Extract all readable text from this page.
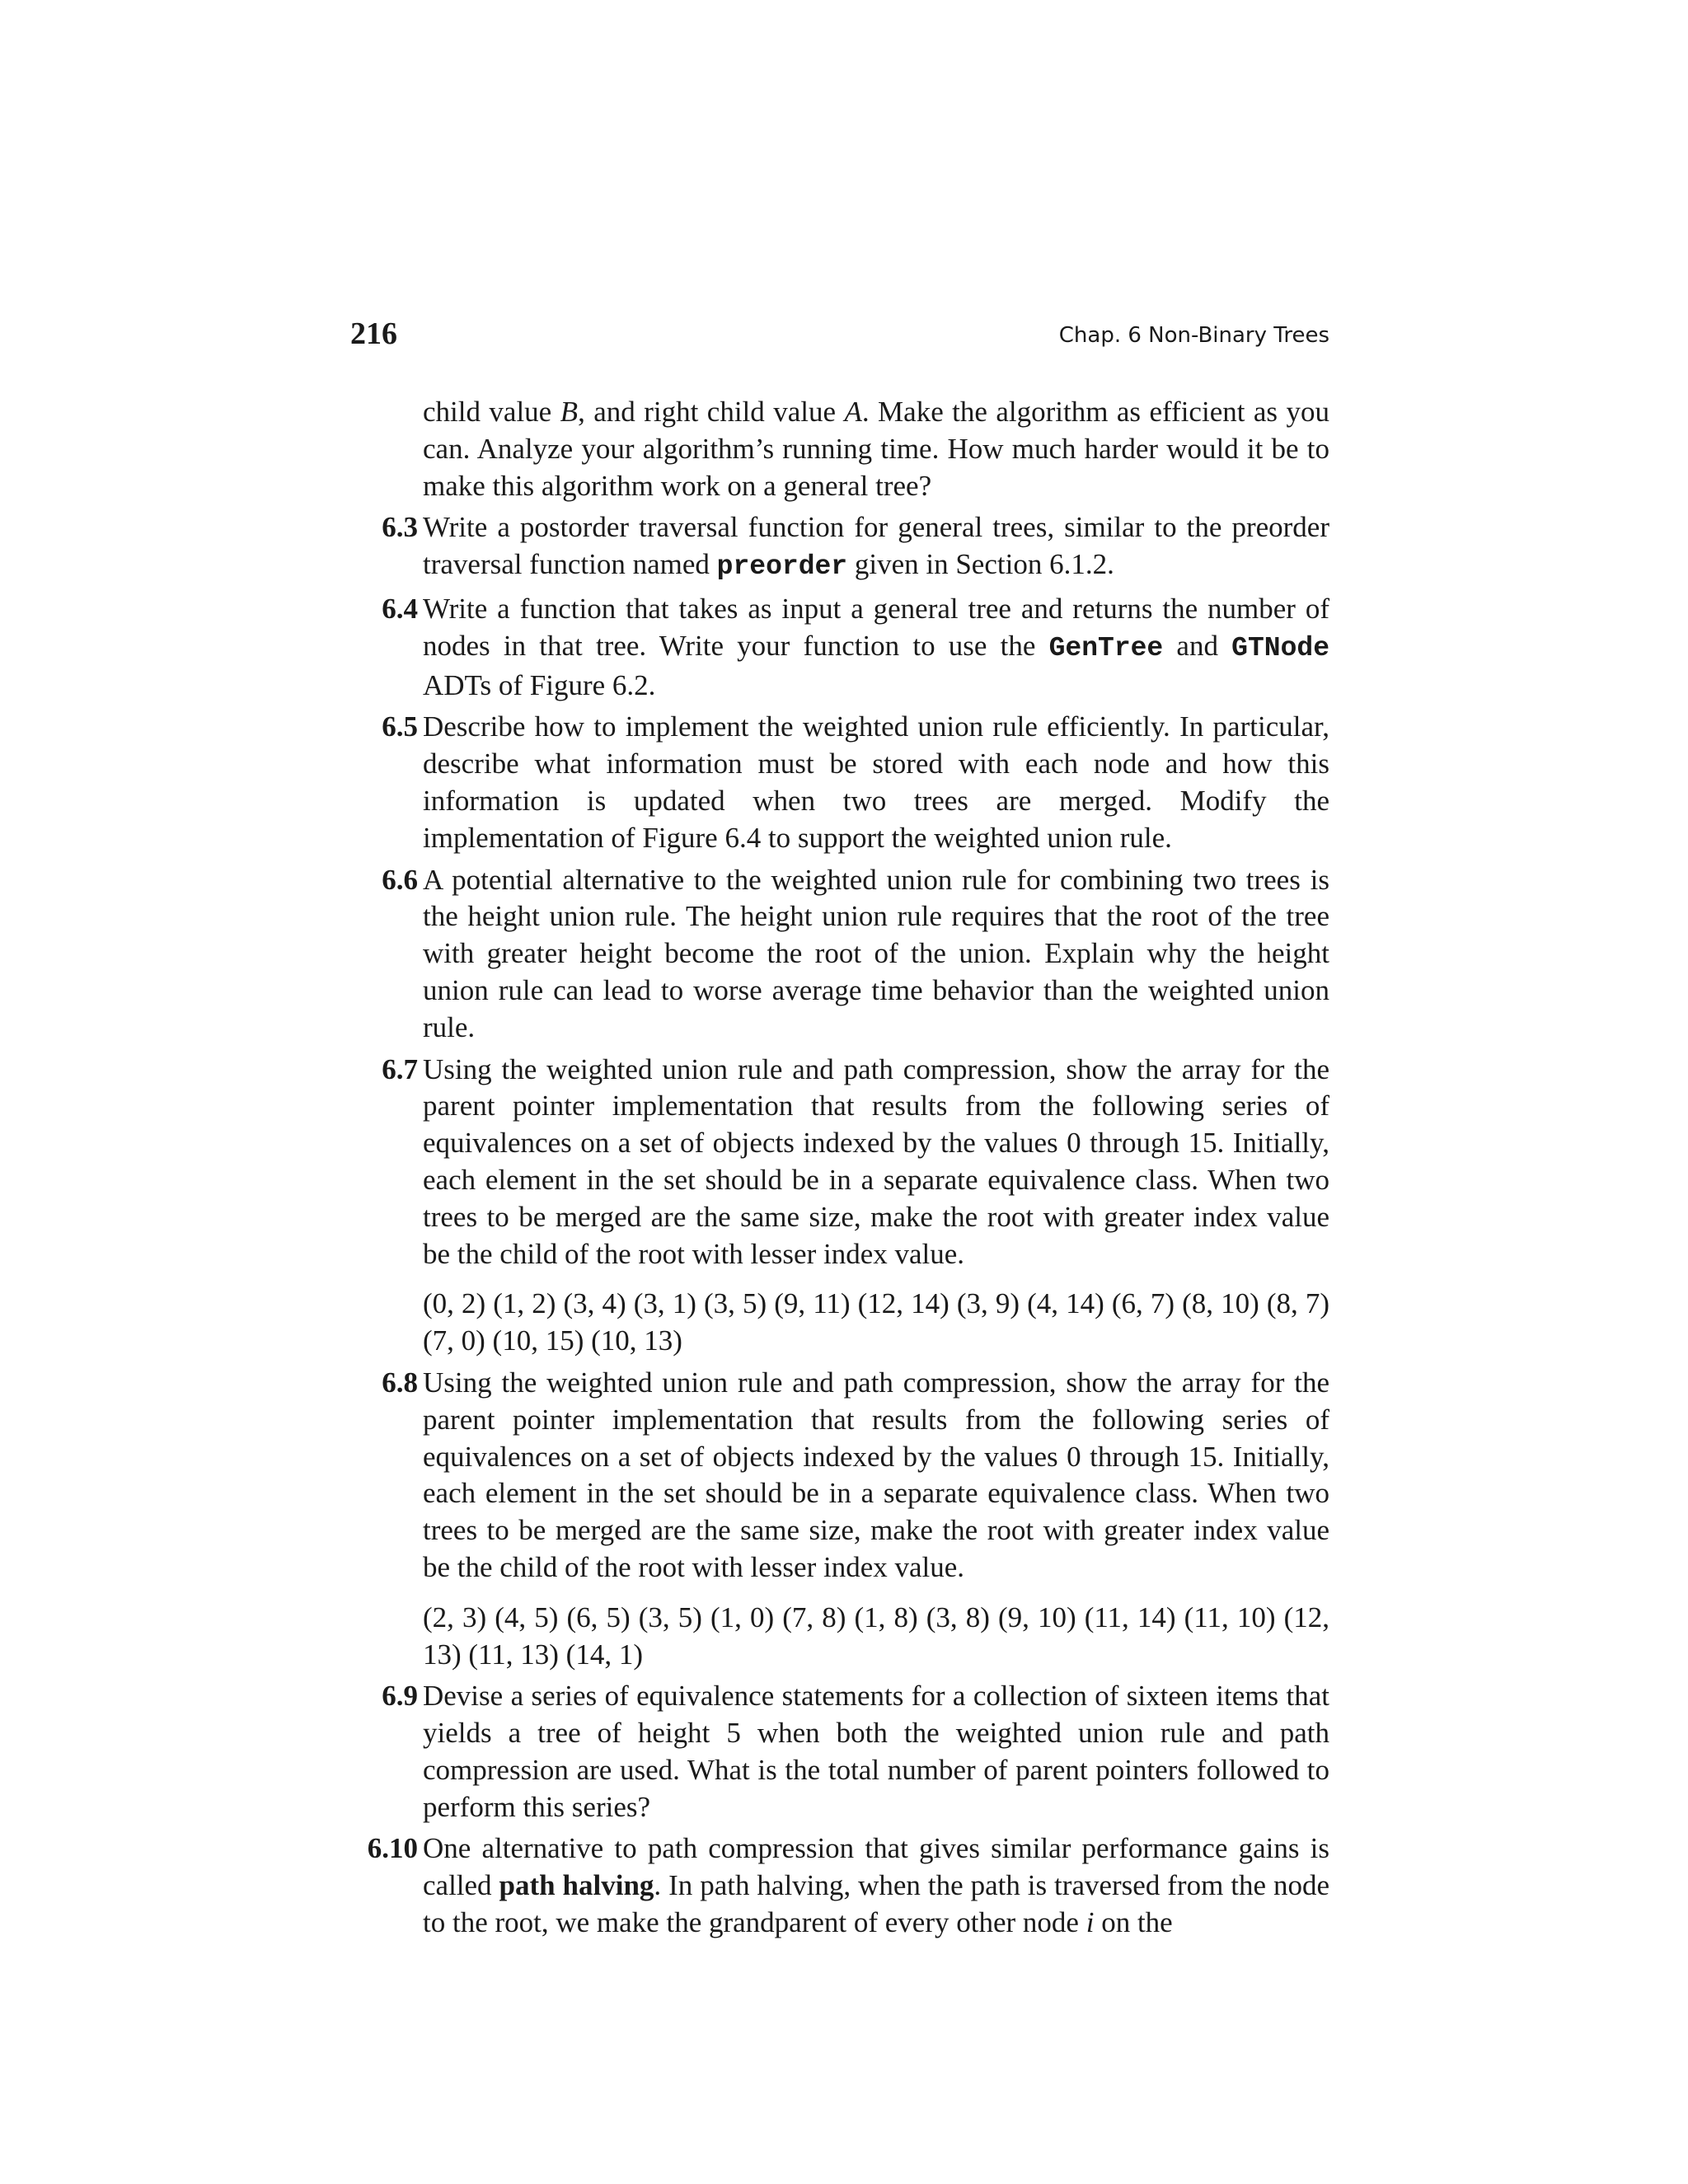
216	Chap. 6 Non-Binary Trees

child value B, and right child value A. Make the algorithm as efficient as you can. Analyze your algorithm’s running time. How much harder would it be to make this algorithm work on a general tree?

6.3 Write a postorder traversal function for general trees, similar to the preorder traversal function named preorder given in Section 6.1.2.
6.4 Write a function that takes as input a general tree and returns the number of nodes in that tree. Write your function to use the GenTree and GTNode ADTs of Figure 6.2.
6.5 Describe how to implement the weighted union rule efficiently. In particular, describe what information must be stored with each node and how this information is updated when two trees are merged. Modify the implementation of Figure 6.4 to support the weighted union rule.
6.6 A potential alternative to the weighted union rule for combining two trees is the height union rule. The height union rule requires that the root of the tree with greater height become the root of the union. Explain why the height union rule can lead to worse average time behavior than the weighted union rule.
6.7 Using the weighted union rule and path compression, show the array for the parent pointer implementation that results from the following series of equivalences on a set of objects indexed by the values 0 through 15. Initially, each element in the set should be in a separate equivalence class. When two trees to be merged are the same size, make the root with greater index value be the child of the root with lesser index value.
(0, 2) (1, 2) (3, 4) (3, 1) (3, 5) (9, 11) (12, 14) (3, 9) (4, 14) (6, 7) (8, 10) (8, 7) (7, 0) (10, 15) (10, 13)
6.8 Using the weighted union rule and path compression, show the array for the parent pointer implementation that results from the following series of equivalences on a set of objects indexed by the values 0 through 15. Initially, each element in the set should be in a separate equivalence class. When two trees to be merged are the same size, make the root with greater index value be the child of the root with lesser index value.
(2, 3) (4, 5) (6, 5) (3, 5) (1, 0) (7, 8) (1, 8) (3, 8) (9, 10) (11, 14) (11, 10) (12, 13) (11, 13) (14, 1)
6.9 Devise a series of equivalence statements for a collection of sixteen items that yields a tree of height 5 when both the weighted union rule and path compression are used. What is the total number of parent pointers followed to perform this series?
6.10 One alternative to path compression that gives similar performance gains is called path halving. In path halving, when the path is traversed from the node to the root, we make the grandparent of every other node i on the
